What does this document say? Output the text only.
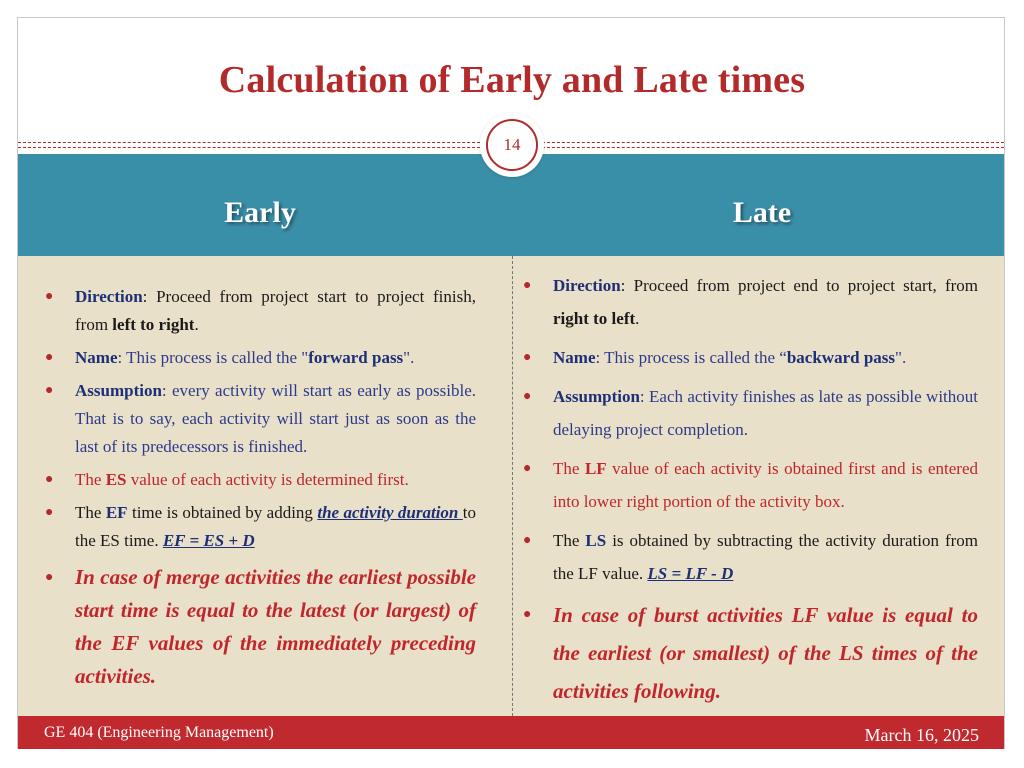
Calculation of Early and Late times
14
Early	Late
● Direction: Proceed from project start to project finish, from left to right.
● Name: This process is called the "forward pass".
● Assumption: every activity will start as early as possible. That is to say, each activity will start just as soon as the last of its predecessors is finished.
● The ES value of each activity is determined first.
● The EF time is obtained by adding the activity duration to the ES time. EF = ES + D
● In case of merge activities the earliest possible start time is equal to the latest (or largest) of the EF values of the immediately preceding activities.
● Direction: Proceed from project end to project start, from right to left.
● Name: This process is called the “backward pass".
● Assumption: Each activity finishes as late as possible without delaying project completion.
● The LF value of each activity is obtained first and is entered into lower right portion of the activity box.
● The LS is obtained by subtracting the activity duration from the LF value. LS = LF - D
● In case of burst activities LF value is equal to the earliest (or smallest) of the LS times of the activities following.
GE 404 (Engineering Management)	March 16, 2025
